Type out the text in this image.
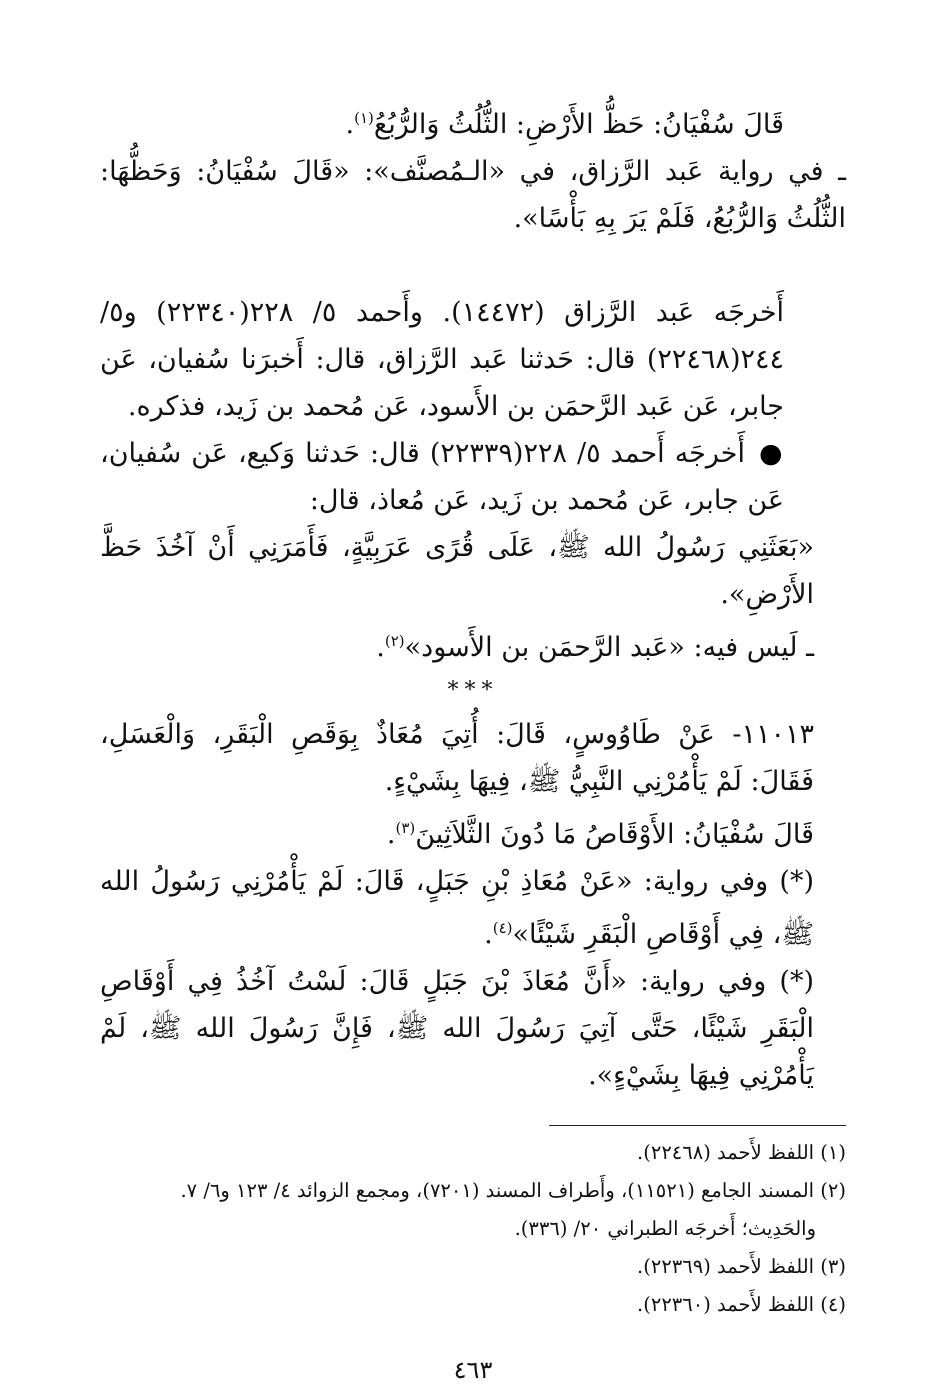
قَالَ سُفْيَانُ: حَظُّ الأَرْضِ: الثُّلُثُ وَالرُّبُعُ$^{(١)}$.

ـ في رواية عَبد الرَّزاق، في «الـمُصنَّف»: «قَالَ سُفْيَانُ: وَحَظُّهَا: الثُّلُثُ وَالرُّبُعُ، فَلَمْ يَرَ بِهِ بَأْسًا».

أَخرجَه عَبد الرَّزاق (١٤٤٧٢). وأَحمد ٥/ ٢٢٨(٢٢٣٤٠) و٥/ ٢٤٤(٢٢٤٦٨) قال: حَدثنا عَبد الرَّزاق، قال: أَخبرَنا سُفيان، عَن جابر، عَن عَبد الرَّحمَن بن الأَسود، عَن مُحمد بن زَيد، فذكره.

●أَخرجَه أَحمد ٥/ ٢٢٨(٢٢٣٣٩) قال: حَدثنا وَكيع، عَن سُفيان، عَن جابر، عَن مُحمد بن زَيد، عَن مُعاذ، قال:

«بَعَثَنِي رَسُولُ الله ﷺ، عَلَى قُرًى عَرَبِيَّةٍ، فَأَمَرَنِي أَنْ آخُذَ حَظَّ الأَرْضِ».

ـ لَيس فيه: «عَبد الرَّحمَن بن الأَسود»$^{(٢)}$.

***

١١٠١٣- عَنْ طَاوُوسٍ، قَالَ: أُتِيَ مُعَاذٌ بِوَقَصِ الْبَقَرِ، وَالْعَسَلِ، فَقَالَ: لَمْ يَأْمُرْنِي النَّبِيُّ ﷺ، فِيهَا بِشَيْءٍ.

قَالَ سُفْيَانُ: الأَوْقَاصُ مَا دُونَ الثَّلاَثِينَ$^{(٣)}$.

(*) وفي رواية: «عَنْ مُعَاذِ بْنِ جَبَلٍ، قَالَ: لَمْ يَأْمُرْنِي رَسُولُ الله ﷺ، فِي أَوْقَاصِ الْبَقَرِ شَيْئًا»$^{(٤)}$.

(*) وفي رواية: «أَنَّ مُعَاذَ بْنَ جَبَلٍ قَالَ: لَسْتُ آخُذُ فِي أَوْقَاصِ الْبَقَرِ شَيْئًا، حَتَّى آتِيَ رَسُولَ الله ﷺ، فَإِنَّ رَسُولَ الله ﷺ، لَمْ يَأْمُرْنِي فِيهَا بِشَيْءٍ».

(١) اللفظ لأَحمد (٢٢٤٦٨).

(٢) المسند الجامع (١١٥٢١)، وأَطراف المسند (٧٢٠١)، ومجمع الزوائد ٤/ ١٢٣ و٦/ ٧.

والحَدِيث؛ أَخرجَه الطبراني ٢٠/ (٣٣٦).

(٣) اللفظ لأَحمد (٢٢٣٦٩).

(٤) اللفظ لأَحمد (٢٢٣٦٠).

٤٦٣
